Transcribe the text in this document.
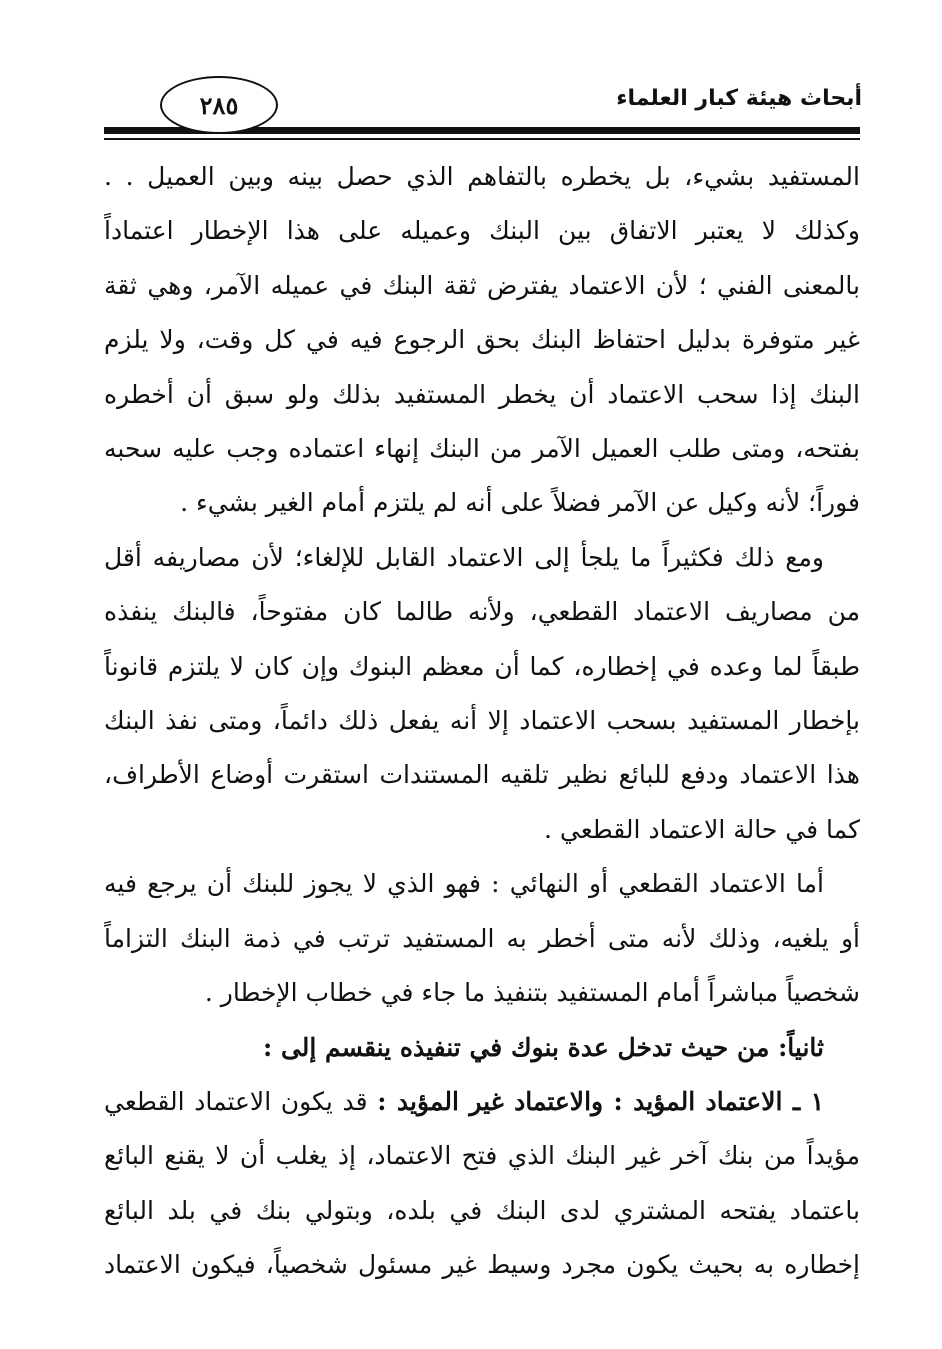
أبحاث هيئة كبار العلماء
٢٨٥
المستفيد بشيء، بل يخطره بالتفاهم الذي حصل بينه وبين العميل . .
وكذلك لا يعتبر الاتفاق بين البنك وعميله على هذا الإخطار اعتماداً
بالمعنى الفني ؛ لأن الاعتماد يفترض ثقة البنك في عميله الآمر، وهي ثقة
غير متوفرة بدليل احتفاظ البنك بحق الرجوع فيه في كل وقت، ولا يلزم
البنك إذا سحب الاعتماد أن يخطر المستفيد بذلك ولو سبق أن أخطره
بفتحه، ومتى طلب العميل الآمر من البنك إنهاء اعتماده وجب عليه سحبه
فوراً؛ لأنه وكيل عن الآمر فضلاً على أنه لم يلتزم أمام الغير بشيء .
ومع ذلك فكثيراً ما يلجأ إلى الاعتماد القابل للإلغاء؛ لأن مصاريفه أقل
من مصاريف الاعتماد القطعي، ولأنه طالما كان مفتوحاً، فالبنك ينفذه
طبقاً لما وعده في إخطاره، كما أن معظم البنوك وإن كان لا يلتزم قانوناً
بإخطار المستفيد بسحب الاعتماد إلا أنه يفعل ذلك دائماً، ومتى نفذ البنك
هذا الاعتماد ودفع للبائع نظير تلقيه المستندات استقرت أوضاع الأطراف،
كما في حالة الاعتماد القطعي .
أما الاعتماد القطعي أو النهائي : فهو الذي لا يجوز للبنك أن يرجع فيه
أو يلغيه، وذلك لأنه متى أخطر به المستفيد ترتب في ذمة البنك التزاماً
شخصياً مباشراً أمام المستفيد بتنفيذ ما جاء في خطاب الإخطار .
ثانياً: من حيث تدخل عدة بنوك في تنفيذه ينقسم إلى :
١ ـ الاعتماد المؤيد : والاعتماد غير المؤيد : قد يكون الاعتماد القطعي
مؤيداً من بنك آخر غير البنك الذي فتح الاعتماد، إذ يغلب أن لا يقنع البائع
باعتماد يفتحه المشتري لدى البنك في بلده، وبتولي بنك في بلد البائع
إخطاره به بحيث يكون مجرد وسيط غير مسئول شخصياً، فيكون الاعتماد
